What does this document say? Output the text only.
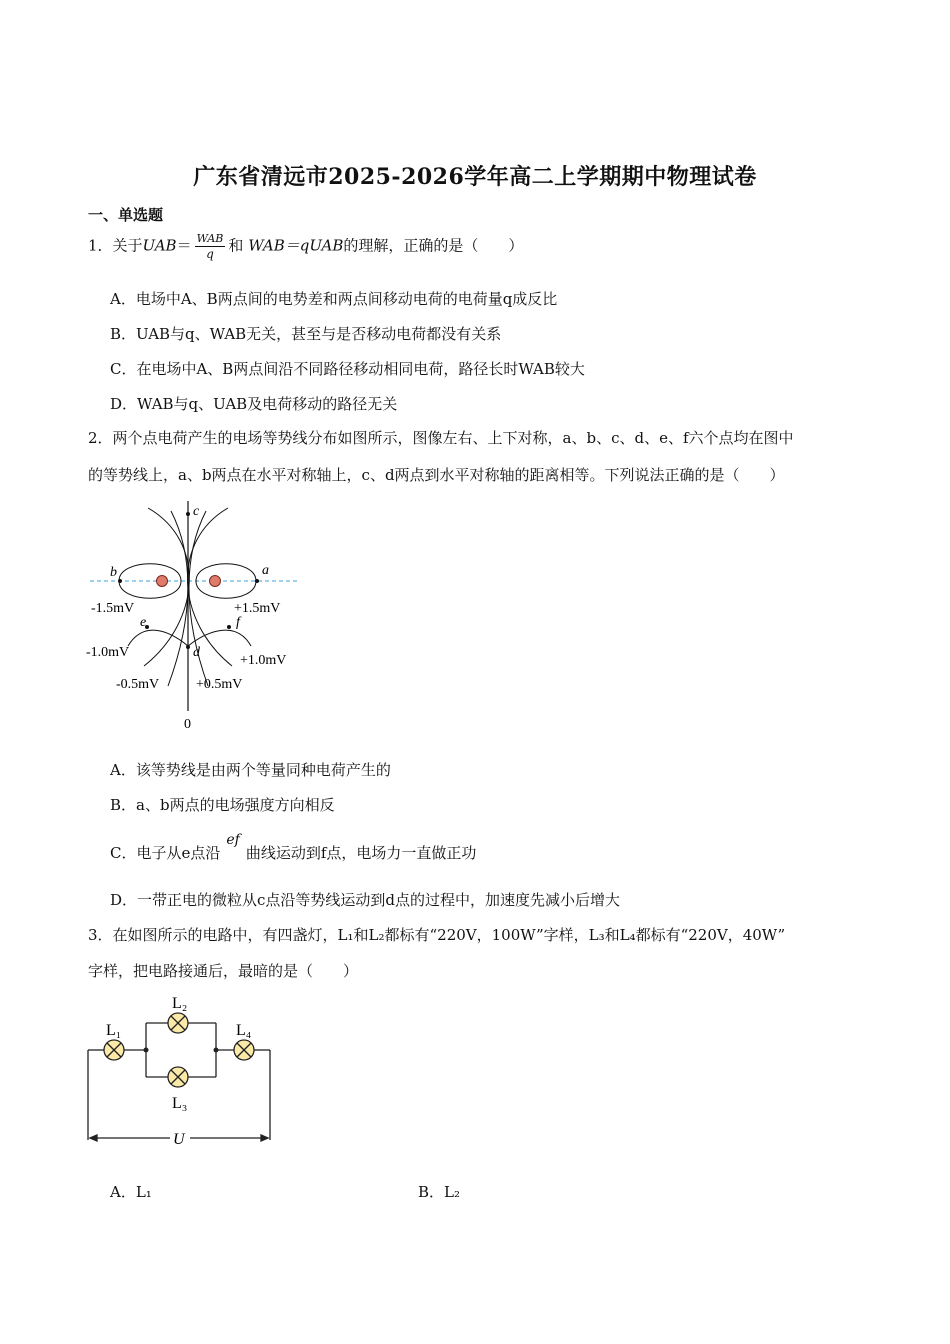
广东省清远市2025-2026学年高二上学期期中物理试卷
一、单选题
1．关于$UAB= \frac{\text{WAB}}{q}$ 和 WAB＝qUAB的理解，正确的是（　　）
A．电场中A、B两点间的电势差和两点间移动电荷的电荷量q成反比
B．UAB与q、WAB无关，甚至与是否移动电荷都没有关系
C．在电场中A、B两点间沿不同路径移动相同电荷，路径长时WAB较大
D．WAB与q、UAB及电荷移动的路径无关
2．两个点电荷产生的电场等势线分布如图所示，图像左右、上下对称，a、b、c、d、e、f六个点均在图中
的等势线上，a、b两点在水平对称轴上，c、d两点到水平对称轴的距离相等。下列说法正确的是（　　）
c
b	a
e	f
d
0
-1.5mV	+1.5mV
-1.0mV
+1.0mV
-0.5mV	+0.5mV
A．该等势线是由两个等量同种电荷产生的
B．a、b两点的电场强度方向相反
C．电子从e点沿ef曲线运动到f点，电场力一直做正功
D．一带正电的微粒从c点沿等势线运动到d点的过程中，加速度先减小后增大
3．在如图所示的电路中，有四盏灯，L₁和L₂都标有“220V，100W”字样，L₃和L₄都标有“220V，40W”
字样，把电路接通后，最暗的是（　　）
L₁
L₂
L₃
L₄
U
A．L₁	B．L₂
